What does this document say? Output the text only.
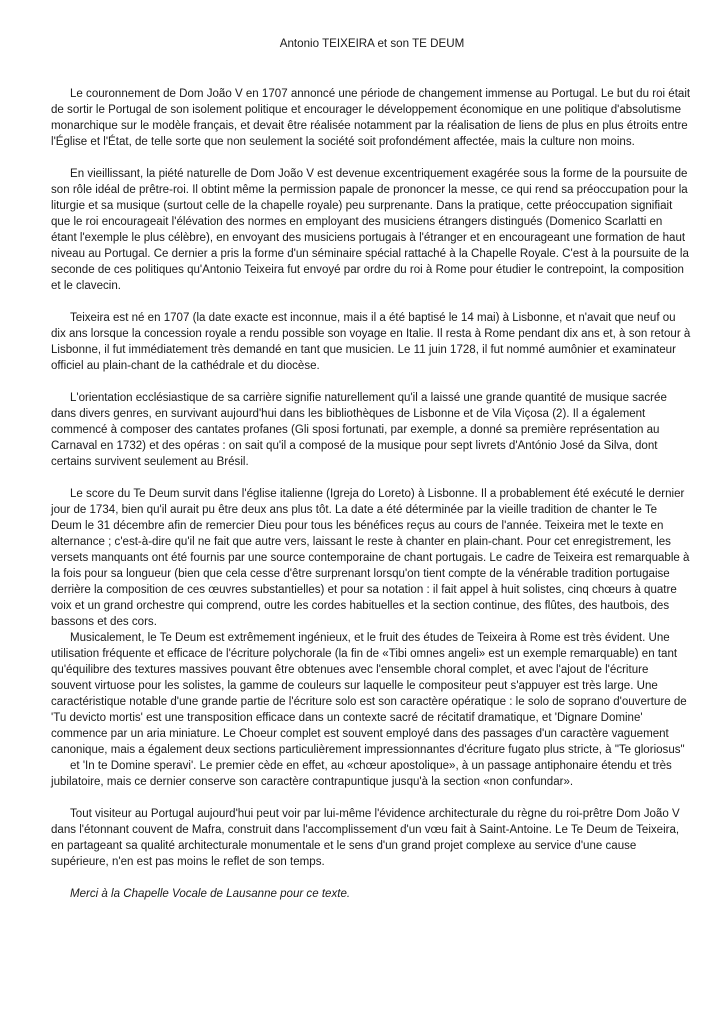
Antonio TEIXEIRA et son TE DEUM

Le couronnement de Dom João V en 1707 annoncé une période de changement immense au Portugal. Le but du roi était de sortir le Portugal de son isolement politique et encourager le développement économique en une politique d'absolutisme monarchique sur le modèle français, et devait être réalisée notamment par la réalisation de liens de plus en plus étroits entre l'Église et l'État, de telle sorte que non seulement la société soit profondément affectée, mais la culture non moins.

En vieillissant, la piété naturelle de Dom João V est devenue excentriquement exagérée sous la forme de la poursuite de son rôle idéal de prêtre-roi. Il obtint même la permission papale de prononcer la messe, ce qui rend sa préoccupation pour la liturgie et sa musique (surtout celle de la chapelle royale) peu surprenante. Dans la pratique, cette préoccupation signifiait que le roi encourageait l'élévation des normes en employant des musiciens étrangers distingués (Domenico Scarlatti en étant l'exemple le plus célèbre), en envoyant des musiciens portugais à l'étranger et en encourageant une formation de haut niveau au Portugal. Ce dernier a pris la forme d'un séminaire spécial rattaché à la Chapelle Royale. C'est à la poursuite de la seconde de ces politiques qu'Antonio Teixeira fut envoyé par ordre du roi à Rome pour étudier le contrepoint, la composition et le clavecin.

Teixeira est né en 1707 (la date exacte est inconnue, mais il a été baptisé le 14 mai) à Lisbonne, et n'avait que neuf ou dix ans lorsque la concession royale a rendu possible son voyage en Italie. Il resta à Rome pendant dix ans et, à son retour à Lisbonne, il fut immédiatement très demandé en tant que musicien. Le 11 juin 1728, il fut nommé aumônier et examinateur officiel au plain-chant de la cathédrale et du diocèse.

L'orientation ecclésiastique de sa carrière signifie naturellement qu'il a laissé une grande quantité de musique sacrée dans divers genres, en survivant aujourd'hui dans les bibliothèques de Lisbonne et de Vila Viçosa (2). Il a également commencé à composer des cantates profanes (Gli sposi fortunati, par exemple, a donné sa première représentation au Carnaval en 1732) et des opéras : on sait qu'il a composé de la musique pour sept livrets d'António José da Silva, dont certains survivent seulement au Brésil.

Le score du Te Deum survit dans l'église italienne (Igreja do Loreto) à Lisbonne. Il a probablement été exécuté le dernier jour de 1734, bien qu'il aurait pu être deux ans plus tôt. La date a été déterminée par la vieille tradition de chanter le Te Deum le 31 décembre afin de remercier Dieu pour tous les bénéfices reçus au cours de l'année. Teixeira met le texte en alternance ; c'est-à-dire qu'il ne fait que autre vers, laissant le reste à chanter en plain-chant. Pour cet enregistrement, les versets manquants ont été fournis par une source contemporaine de chant portugais. Le cadre de Teixeira est remarquable à la fois pour sa longueur (bien que cela cesse d'être surprenant lorsqu'on tient compte de la vénérable tradition portugaise derrière la composition de ces œuvres substantielles) et pour sa notation : il fait appel à huit solistes, cinq chœurs à quatre voix et un grand orchestre qui comprend, outre les cordes habituelles et la section continue, des flûtes, des hautbois, des bassons et des cors.

Musicalement, le Te Deum est extrêmement ingénieux, et le fruit des études de Teixeira à Rome est très évident. Une utilisation fréquente et efficace de l'écriture polychorale (la fin de «Tibi omnes angeli» est un exemple remarquable) en tant qu'équilibre des textures massives pouvant être obtenues avec l'ensemble choral complet, et avec l'ajout de l'écriture souvent virtuose pour les solistes, la gamme de couleurs sur laquelle le compositeur peut s'appuyer est très large. Une caractéristique notable d'une grande partie de l'écriture solo est son caractère opératique : le solo de soprano d'ouverture de 'Tu devicto mortis' est une transposition efficace dans un contexte sacré de récitatif dramatique, et 'Dignare Domine' commence par un aria miniature. Le Choeur complet est souvent employé dans des passages d'un caractère vaguement canonique, mais a également deux sections particulièrement impressionnantes d'écriture fugato plus stricte, à "Te gloriosus"

et 'In te Domine speravi'. Le premier cède en effet, au «chœur apostolique», à un passage antiphonaire étendu et très jubilatoire, mais ce dernier conserve son caractère contrapuntique jusqu'à la section «non confundar».

Tout visiteur au Portugal aujourd'hui peut voir par lui-même l'évidence architecturale du règne du roi-prêtre Dom João V dans l'étonnant couvent de Mafra, construit dans l'accomplissement d'un vœu fait à Saint-Antoine. Le Te Deum de Teixeira, en partageant sa qualité architecturale monumentale et le sens d'un grand projet complexe au service d'une cause supérieure, n'en est pas moins le reflet de son temps.

Merci à la Chapelle Vocale de Lausanne pour ce texte.
